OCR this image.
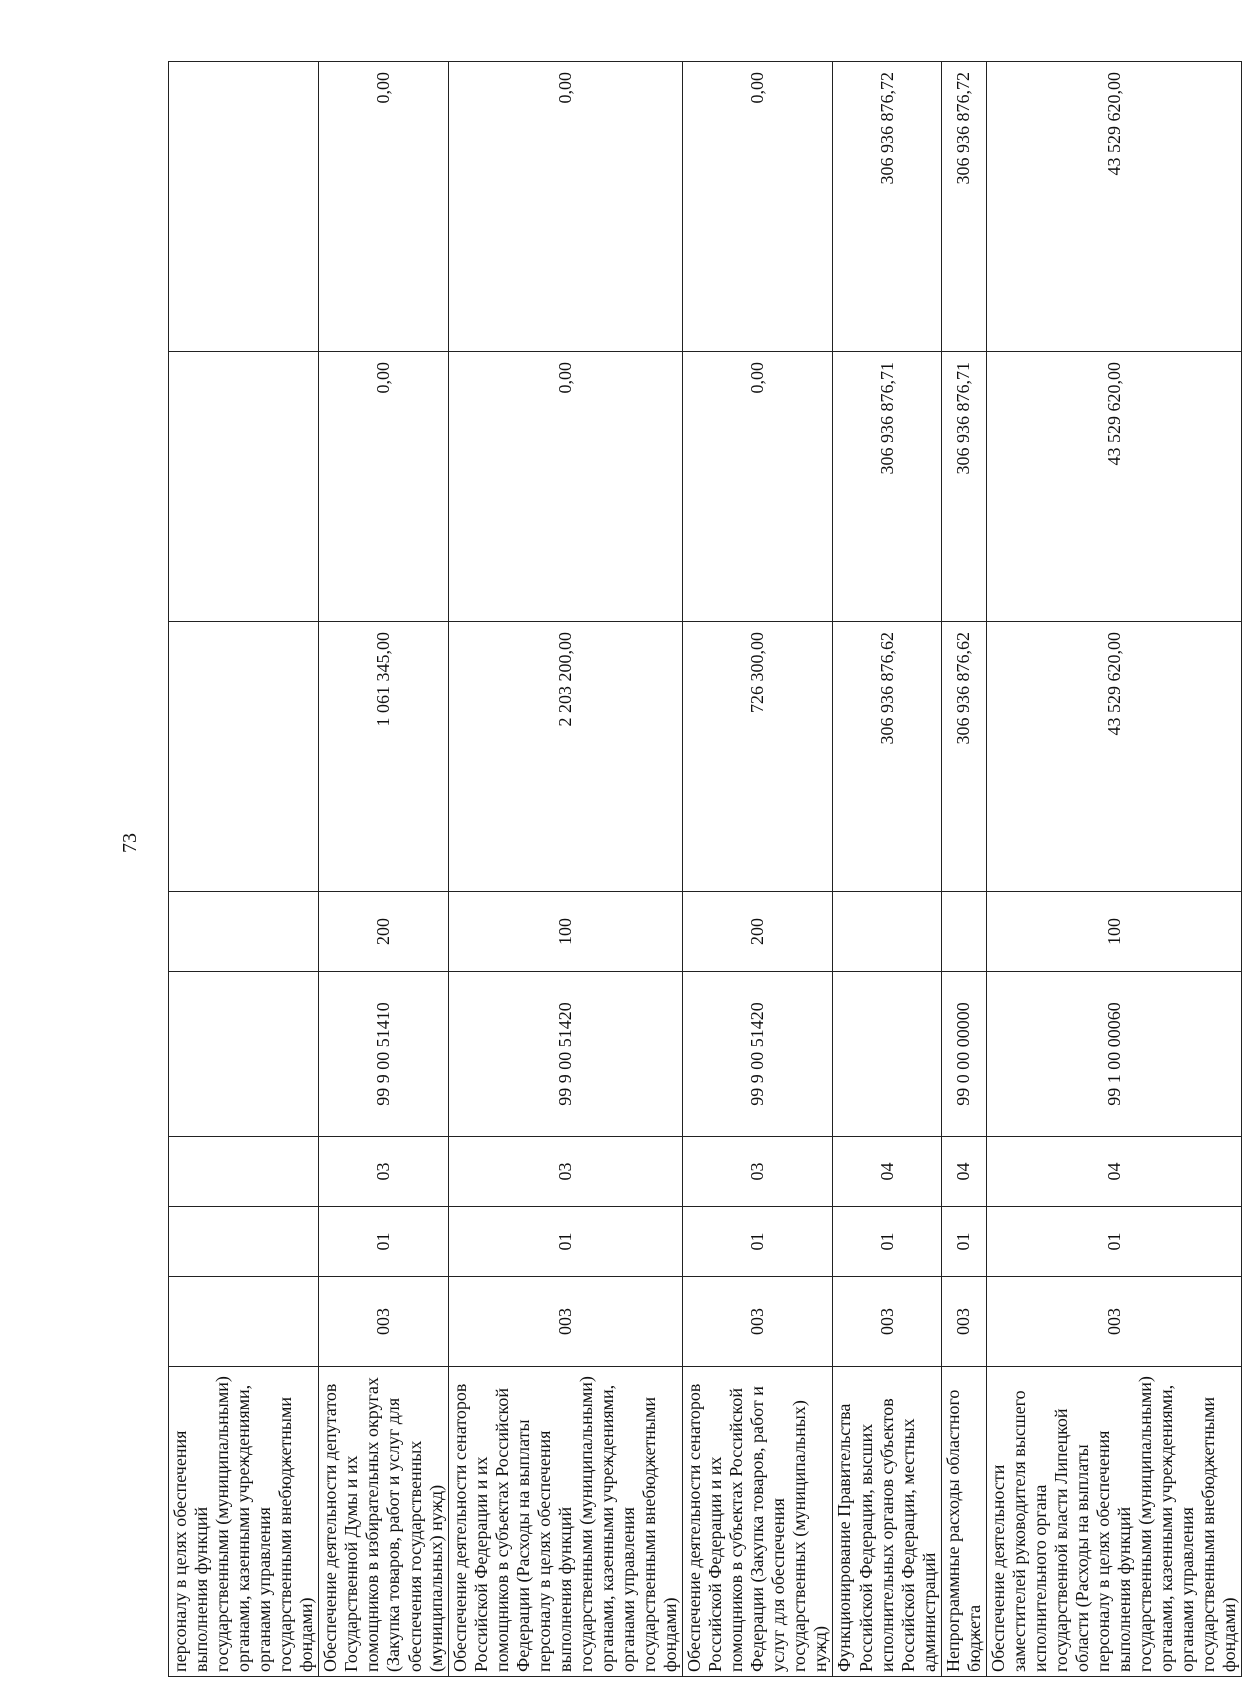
73
персоналу в целях обеспечения выполнения функций государственными (муниципальными) органами, казенными учреждениями, органами управления государственными внебюджетными фондами)								
Обеспечение деятельности депутатов Государственной Думы и их помощников в избирательных округах (Закупка товаров, работ и услуг для обеспечения государственных (муниципальных) нужд)	003	01	03	99 9 00 51410	200	1 061 345,00	0,00	0,00
Обеспечение деятельности сенаторов Российской Федерации и их помощников в субъектах Российской Федерации (Расходы на выплаты персоналу в целях обеспечения выполнения функций государственными (муниципальными) органами, казенными учреждениями, органами управления государственными внебюджетными фондами)	003	01	03	99 9 00 51420	100	2 203 200,00	0,00	0,00
Обеспечение деятельности сенаторов Российской Федерации и их помощников в субъектах Российской Федерации (Закупка товаров, работ и услуг для обеспечения государственных (муниципальных) нужд)	003	01	03	99 9 00 51420	200	726 300,00	0,00	0,00
Функционирование Правительства Российской Федерации, высших исполнительных органов субъектов Российской Федерации, местных администраций	003	01	04			306 936 876,62	306 936 876,71	306 936 876,72
Непрограммные расходы областного бюджета	003	01	04	99 0 00 00000		306 936 876,62	306 936 876,71	306 936 876,72
Обеспечение деятельности заместителей руководителя высшего исполнительного органа государственной власти Липецкой области (Расходы на выплаты персоналу в целях обеспечения выполнения функций государственными (муниципальными) органами, казенными учреждениями, органами управления государственными внебюджетными фондами)	003	01	04	99 1 00 00060	100	43 529 620,00	43 529 620,00	43 529 620,00
